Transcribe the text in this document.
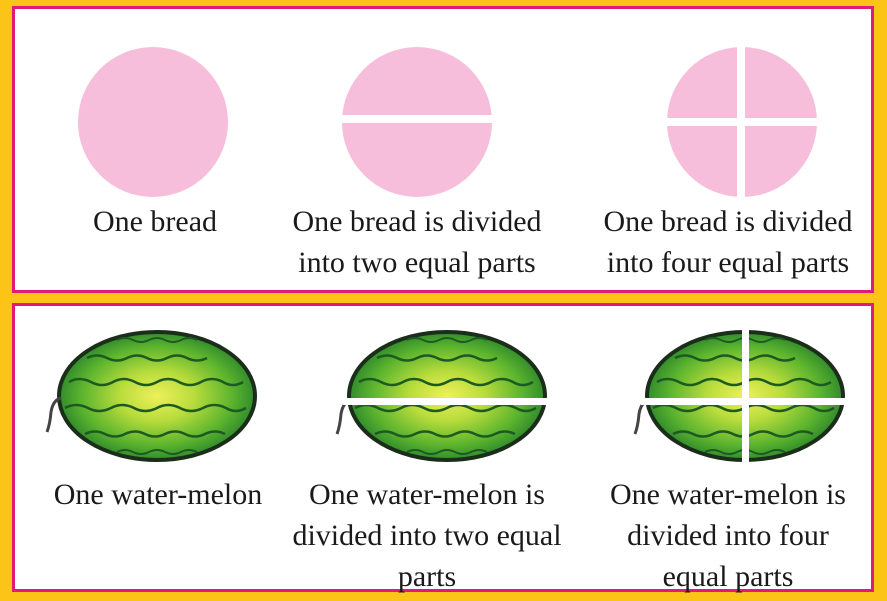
One bread	One bread is divided
into two equal parts
One bread is divided
into four equal parts
One water-melon	One water-melon is
divided into two equal
parts
One water-melon is
divided into four
equal parts
